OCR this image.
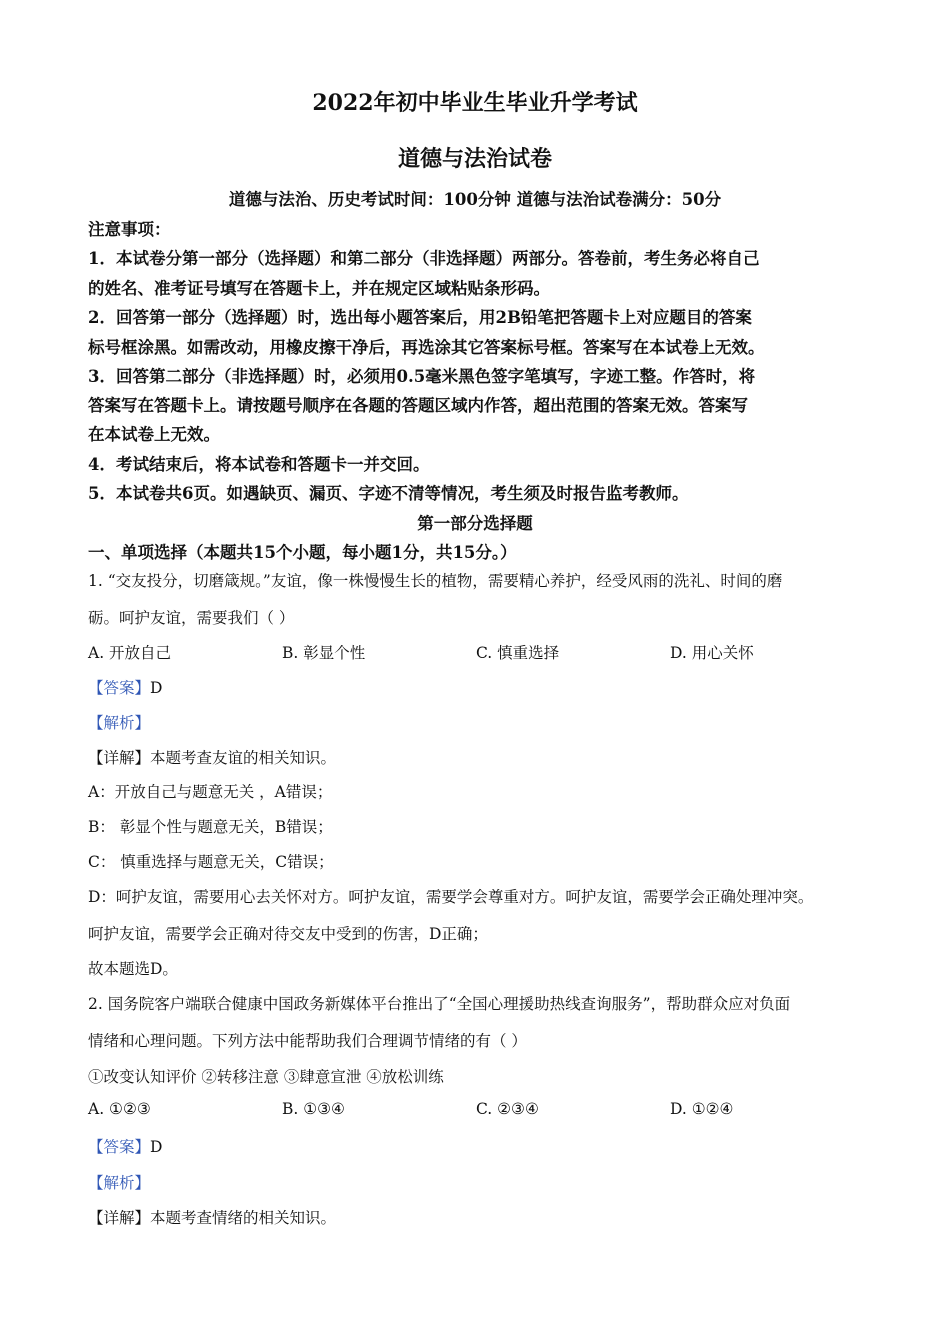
2022年初中毕业生毕业升学考试
道德与法治试卷
道德与法治、历史考试时间：100分钟 道德与法治试卷满分：50分
注意事项：
1．本试卷分第一部分（选择题）和第二部分（非选择题）两部分。答卷前，考生务必将自己
的姓名、准考证号填写在答题卡上，并在规定区域粘贴条形码。
2．回答第一部分（选择题）时，选出每小题答案后，用2B铅笔把答题卡上对应题目的答案
标号框涂黑。如需改动，用橡皮擦干净后，再选涂其它答案标号框。答案写在本试卷上无效。
3．回答第二部分（非选择题）时，必须用0.5毫米黑色签字笔填写，字迹工整。作答时，将
答案写在答题卡上。请按题号顺序在各题的答题区域内作答，超出范围的答案无效。答案写
在本试卷上无效。
4．考试结束后，将本试卷和答题卡一并交回。
5．本试卷共6页。如遇缺页、漏页、字迹不清等情况，考生须及时报告监考教师。
第一部分选择题
一、单项选择（本题共15个小题，每小题1分，共15分。）
1. “交友投分，切磨箴规。”友谊，像一株慢慢生长的植物，需要精心养护，经受风雨的洗礼、时间的磨
砺。呵护友谊，需要我们（ ）
A. 开放自己	B. 彰显个性	C. 慎重选择	D. 用心关怀
【答案】D
【解析】
【详解】本题考查友谊的相关知识。
A：开放自己与题意无关 ，A错误；
B： 彰显个性与题意无关，B错误；
C： 慎重选择与题意无关，C错误；
D：呵护友谊，需要用心去关怀对方。呵护友谊，需要学会尊重对方。呵护友谊，需要学会正确处理冲突。
呵护友谊，需要学会正确对待交友中受到的伤害，D正确；
故本题选D。
2. 国务院客户端联合健康中国政务新媒体平台推出了“全国心理援助热线查询服务”，帮助群众应对负面
情绪和心理问题。下列方法中能帮助我们合理调节情绪的有（ ）
①改变认知评价 ②转移注意 ③肆意宣泄 ④放松训练
A. ①②③	B. ①③④	C. ②③④	D. ①②④
【答案】D
【解析】
【详解】本题考查情绪的相关知识。
